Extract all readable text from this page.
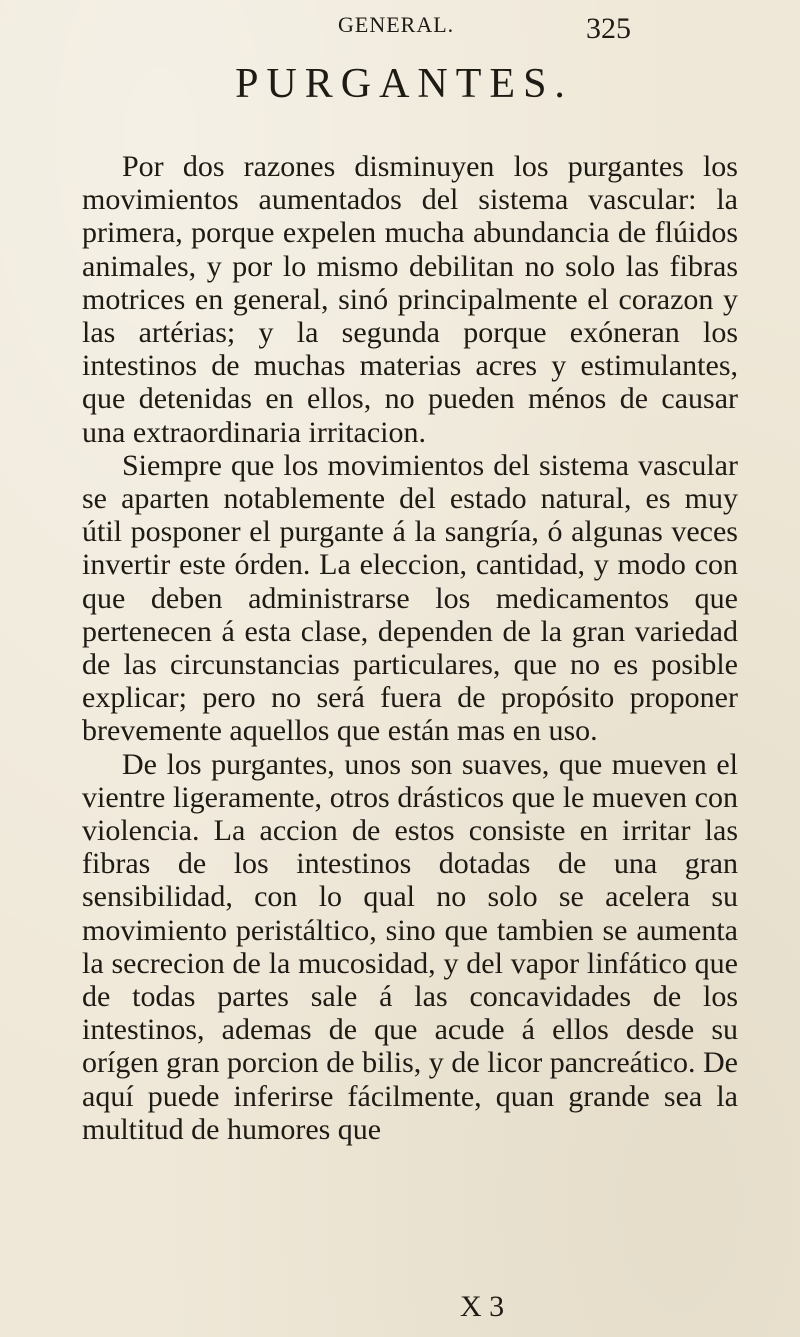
GENERAL.	325
PURGANTES.

Por dos razones disminuyen los purgantes los movimientos aumentados del sistema vascular: la primera, porque expelen mucha abundancia de flúidos animales, y por lo mismo debilitan no solo las fibras motrices en general, sinó principalmente el corazon y las artérias; y la segunda porque exóneran los intestinos de muchas materias acres y estimulantes, que detenidas en ellos, no pueden ménos de causar una extraordinaria irritacion.

Siempre que los movimientos del sistema vascular se aparten notablemente del estado natural, es muy útil posponer el purgante á la sangría, ó algunas veces invertir este órden. La eleccion, cantidad, y modo con que deben administrarse los medicamentos que pertenecen á esta clase, dependen de la gran variedad de las circunstancias particulares, que no es posible explicar; pero no será fuera de propósito proponer brevemente aquellos que están mas en uso.

De los purgantes, unos son suaves, que mueven el vientre ligeramente, otros drásticos que le mueven con violencia. La accion de estos consiste en irritar las fibras de los intestinos dotadas de una gran sensibilidad, con lo qual no solo se acelera su movimiento peristáltico, sino que tambien se aumenta la secrecion de la mucosidad, y del vapor linfático que de todas partes sale á las concavidades de los intestinos, ademas de que acude á ellos desde su orígen gran porcion de bilis, y de licor pancreático. De aquí puede inferirse fácilmente, quan grande sea la multitud de humores que

X 3
